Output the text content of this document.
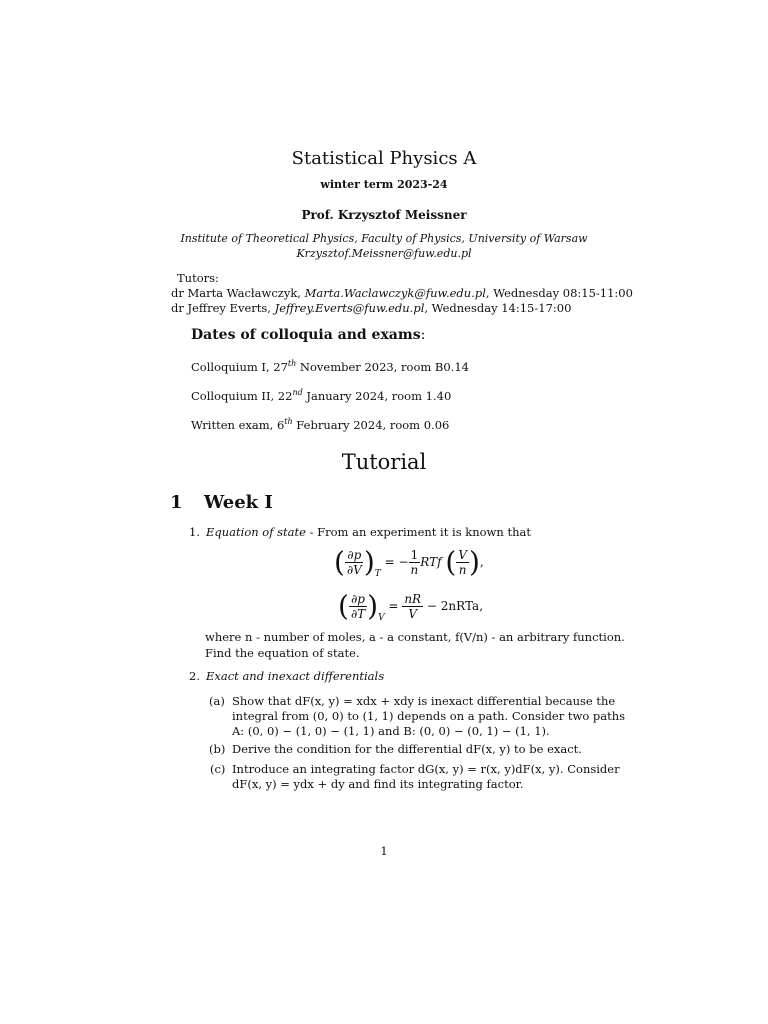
Statistical Physics A
winter term 2023-24
Prof. Krzysztof Meissner
Institute of Theoretical Physics, Faculty of Physics, University of Warsaw
Krzysztof.Meissner@fuw.edu.pl
Tutors:
dr Marta Wacławczyk, Marta.Waclawczyk@fuw.edu.pl, Wednesday 08:15-11:00
dr Jeffrey Everts, Jeffrey.Everts@fuw.edu.pl, Wednesday 14:15-17:00
Dates of colloquia and exams:
Colloquium I, 27th November 2023, room B0.14
Colloquium II, 22nd January 2024, room 1.40
Written exam, 6th February 2024, room 0.06
Tutorial
1 Week I
1. Equation of state - From an experiment it is known that
( $\frac{\partial p}{\partial V} )_T$ = − $\frac{1}{n}$ RTf ( $\frac{V}{n}$ ),
( $\frac{\partial p}{\partial T} )_V = \frac{nR}{V}$ − 2nRTa,
where n - number of moles, a - a constant, f(V/n) - an arbitrary function.
Find the equation of state.
2. Exact and inexact differentials
(a) Show that dF(x, y) = xdx + xdy is inexact differential because the
integral from (0, 0) to (1, 1) depends on a path. Consider two paths
A: (0, 0) − (1, 0) − (1, 1) and B: (0, 0) − (0, 1) − (1, 1).
(b) Derive the condition for the differential dF(x, y) to be exact.
(c) Introduce an integrating factor dG(x, y) = r(x, y)dF(x, y). Consider
dF(x, y) = ydx + dy and find its integrating factor.
1
